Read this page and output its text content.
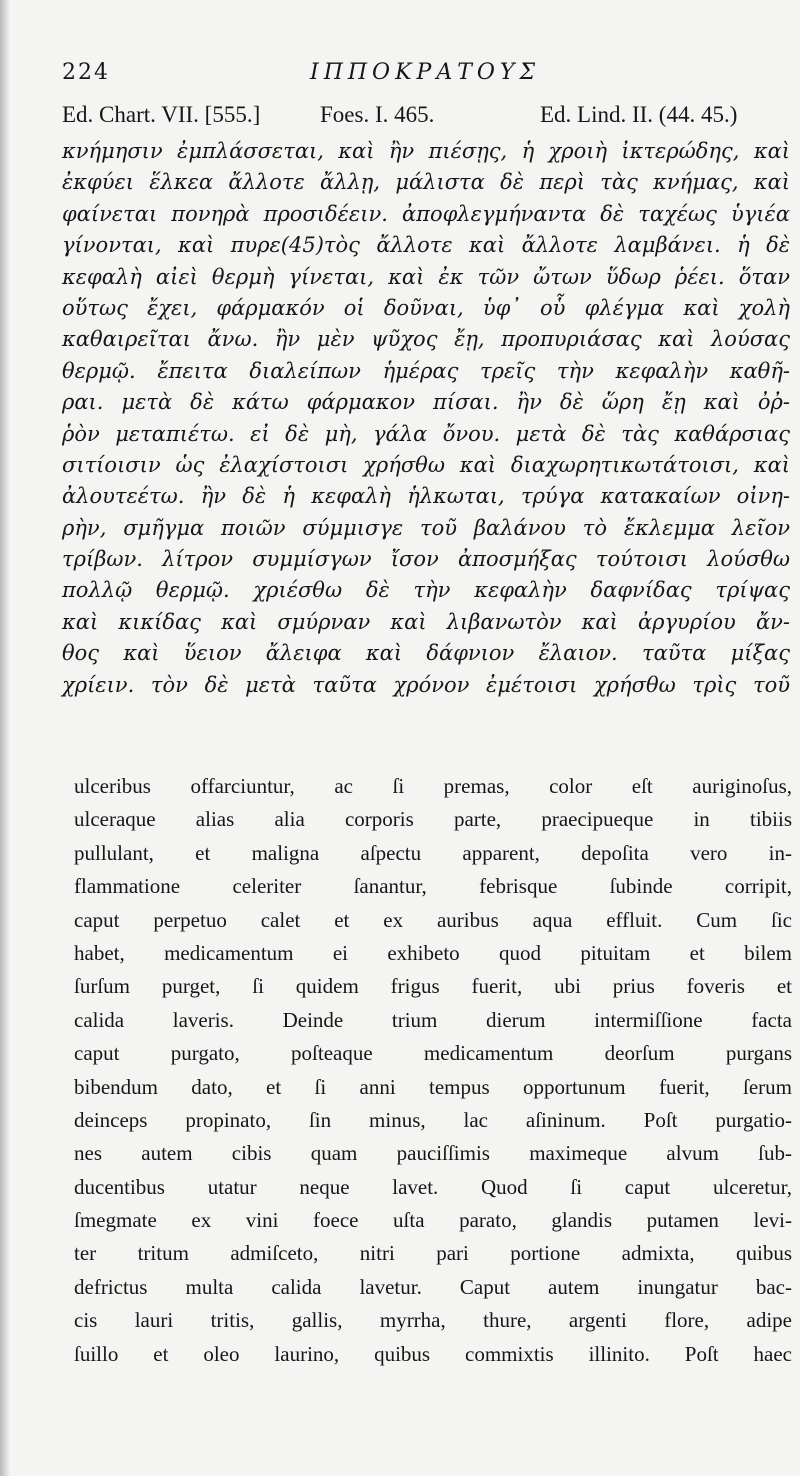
224	ΙΠΠΟΚΡΑΤΟΥΣ
Ed. Chart. VII. [555.]	Foes. I. 465.	Ed. Lind. II. (44. 45.)
κνήμησιν ἐμπλάσσεται, καὶ ἢν πιέσῃς, ἡ χροιὴ ἰκτερώδης, καὶ
ἐκφύει ἕλκεα ἄλλοτε ἄλλῃ, μάλιστα δὲ περὶ τὰς κνήμας, καὶ
φαίνεται πονηρὰ προσιδέειν. ἀποφλεγμήναντα δὲ ταχέως ὑγιέα
γίνονται, καὶ πυρε(45)τὸς ἄλλοτε καὶ ἄλλοτε λαμβάνει. ἡ δὲ
κεφαλὴ αἰεὶ θερμὴ γίνεται, καὶ ἐκ τῶν ὤτων ὕδωρ ῥέει. ὅταν
οὕτως ἔχει, φάρμακόν οἱ δοῦναι, ὑφ᾽ οὗ φλέγμα καὶ χολὴ
καθαιρεῖται ἄνω. ἢν μὲν ψῦχος ἔῃ, προπυριάσας καὶ λούσας
θερμῷ. ἔπειτα διαλείπων ἡμέρας τρεῖς τὴν κεφαλὴν καθῆ-
ραι. μετὰ δὲ κάτω φάρμακον πίσαι. ἢν δὲ ὥρη ἔῃ καὶ ὀῤ-
ῥὸν μεταπιέτω. εἰ δὲ μὴ, γάλα ὄνου. μετὰ δὲ τὰς καθάρσιας
σιτίοισιν ὡς ἐλαχίστοισι χρήσθω καὶ διαχωρητικωτάτοισι, καὶ
ἀλουτεέτω. ἢν δὲ ἡ κεφαλὴ ἡλκωται, τρύγα κατακαίων οἰνη-
ρὴν, σμῆγμα ποιῶν σύμμισγε τοῦ βαλάνου τὸ ἔκλεμμα λεῖον
τρίβων. λίτρον συμμίσγων ἴσον ἀποσμήξας τούτοισι λούσθω
πολλῷ θερμῷ. χριέσθω δὲ τὴν κεφαλὴν δαφνίδας τρίψας
καὶ κικίδας καὶ σμύρναν καὶ λιβανωτὸν καὶ ἀργυρίου ἄν-
θος καὶ ὕειον ἄλειφα καὶ δάφνιον ἔλαιον. ταῦτα μίξας
χρίειν. τὸν δὲ μετὰ ταῦτα χρόνον ἐμέτοισι χρήσθω τρὶς τοῦ
ulceribus offarciuntur, ac ſi premas, color eſt auriginoſus,
ulceraque alias alia corporis parte, praecipueque in tibiis
pullulant, et maligna aſpectu apparent, depoſita vero in-
flammatione celeriter ſanantur, febrisque ſubinde corripit,
caput perpetuo calet et ex auribus aqua effluit. Cum ſic
habet, medicamentum ei exhibeto quod pituitam et bilem
ſurſum purget, ſi quidem frigus fuerit, ubi prius foveris et
calida laveris. Deinde trium dierum intermiſſione facta
caput purgato, poſteaque medicamentum deorſum purgans
bibendum dato, et ſi anni tempus opportunum fuerit, ſerum
deinceps propinato, ſin minus, lac aſininum. Poſt purgatio-
nes autem cibis quam pauciſſimis maximeque alvum ſub-
ducentibus utatur neque lavet. Quod ſi caput ulceretur,
ſmegmate ex vini foece uſta parato, glandis putamen levi-
ter tritum admiſceto, nitri pari portione admixta, quibus
defrictus multa calida lavetur. Caput autem inungatur bac-
cis lauri tritis, gallis, myrrha, thure, argenti flore, adipe
ſuillo et oleo laurino, quibus commixtis illinito. Poſt haec
